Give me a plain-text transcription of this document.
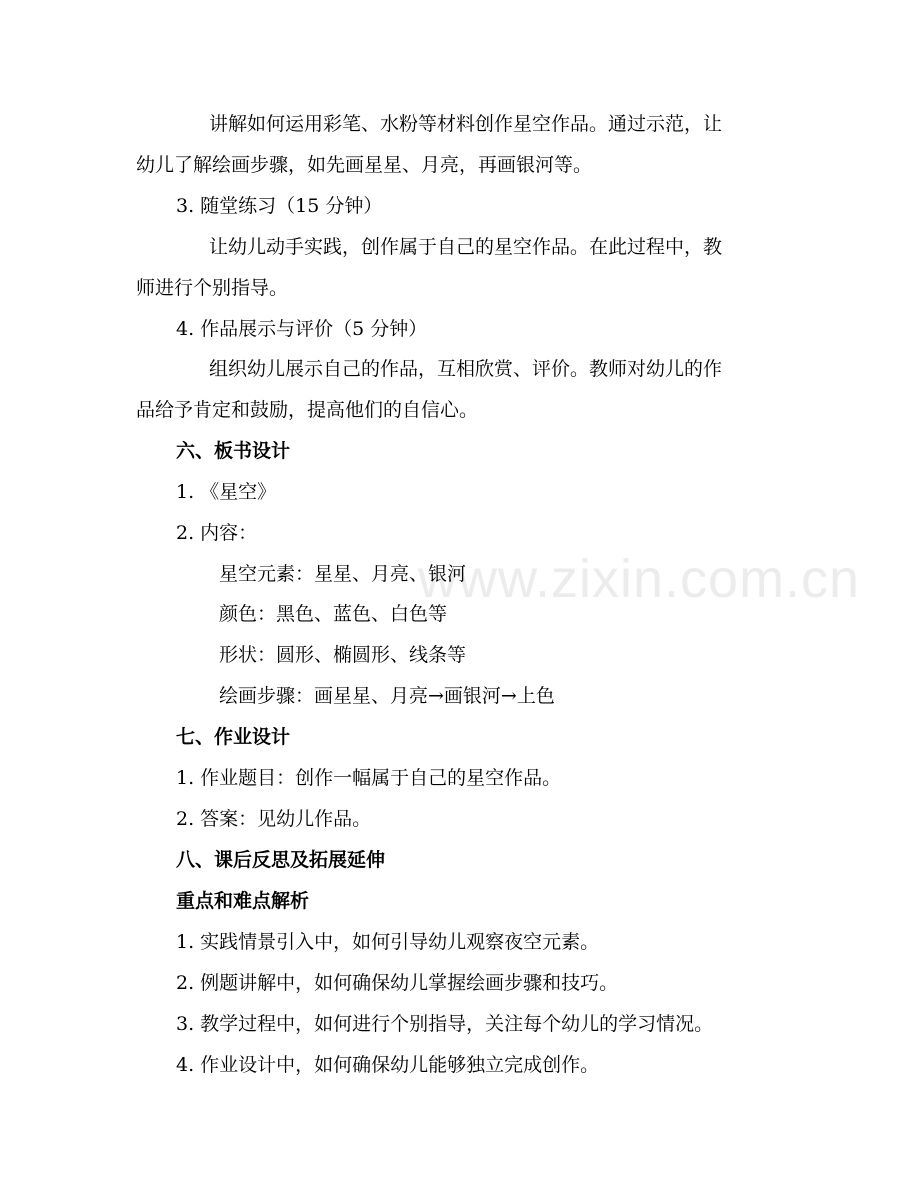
www.zixin.com.cn
讲解如何运用彩笔、水粉等材料创作星空作品。通过示范，让
幼儿了解绘画步骤，如先画星星、月亮，再画银河等。
3. 随堂练习（15 分钟）
让幼儿动手实践，创作属于自己的星空作品。在此过程中，教
师进行个别指导。
4. 作品展示与评价（5 分钟）
组织幼儿展示自己的作品，互相欣赏、评价。教师对幼儿的作
品给予肯定和鼓励，提高他们的自信心。
六、板书设计
1. 《星空》
2. 内容：
星空元素：星星、月亮、银河
颜色：黑色、蓝色、白色等
形状：圆形、椭圆形、线条等
绘画步骤：画星星、月亮→画银河→上色
七、作业设计
1. 作业题目：创作一幅属于自己的星空作品。
2. 答案：见幼儿作品。
八、课后反思及拓展延伸
重点和难点解析
1. 实践情景引入中，如何引导幼儿观察夜空元素。
2. 例题讲解中，如何确保幼儿掌握绘画步骤和技巧。
3. 教学过程中，如何进行个别指导，关注每个幼儿的学习情况。
4. 作业设计中，如何确保幼儿能够独立完成创作。
